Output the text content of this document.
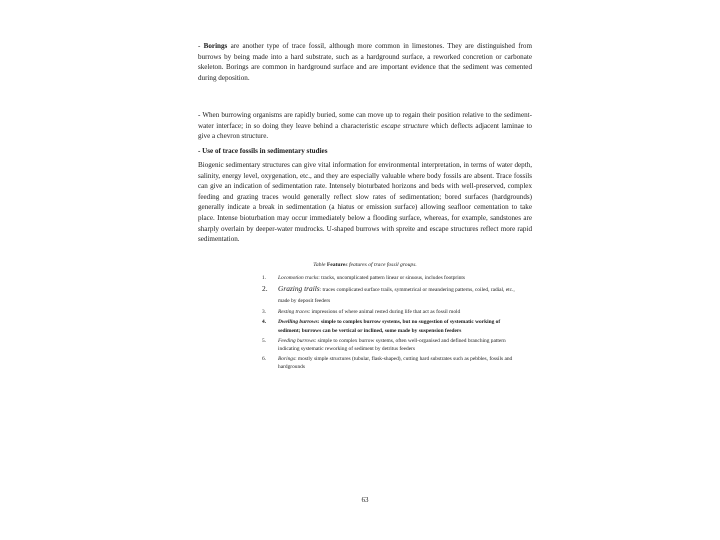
- Borings are another type of trace fossil, although more common in limestones. They are distinguished from burrows by being made into a hard substrate, such as a hardground surface, a reworked concretion or carbonate skeleton. Borings are common in hardground surface and are important evidence that the sediment was cemented during deposition.

- When burrowing organisms are rapidly buried, some can move up to regain their position relative to the sediment-water interface; in so doing they leave behind a characteristic escape structure which deflects adjacent laminae to give a chevron structure.

- Use of trace fossils in sedimentary studies

Biogenic sedimentary structures can give vital information for environmental interpretation, in terms of water depth, salinity, energy level, oxygenation, etc., and they are especially valuable where body fossils are absent. Trace fossils can give an indication of sedimentation rate. Intensely bioturbated horizons and beds with well-preserved, complex feeding and grazing traces would generally reflect slow rates of sedimentation; bored surfaces (hardgrounds) generally indicate a break in sedimentation (a hiatus or emission surface) allowing seafloor cementation to take place. Intense bioturbation may occur immediately below a flooding surface, whereas, for example, sandstones are sharply overlain by deeper-water mudrocks. U-shaped burrows with spreite and escape structures reflect more rapid sedimentation.

Table Features features of trace fossil groups.
1. Locomotion tracks: tracks, uncomplicated pattern linear or sinuous, includes footprints
2. Grazing trails: traces complicated surface trails, symmetrical or meandering patterns, coiled, radial, etc., made by deposit feeders
3. Resting traces: impressions of where animal rested during life that act as fossil mold
4. Dwelling burrows: simple to complex burrow systems, but no suggestion of systematic working of sediment; burrows can be vertical or inclined, some made by suspension feeders
5. Feeding burrows: simple to complex burrow systems, often well-organised and defined branching pattern indicating systematic reworking of sediment by detritus feeders
6. Borings: mostly simple structures (tubular, flask-shaped), cutting hard substrates such as pebbles, fossils and hardgrounds
63
